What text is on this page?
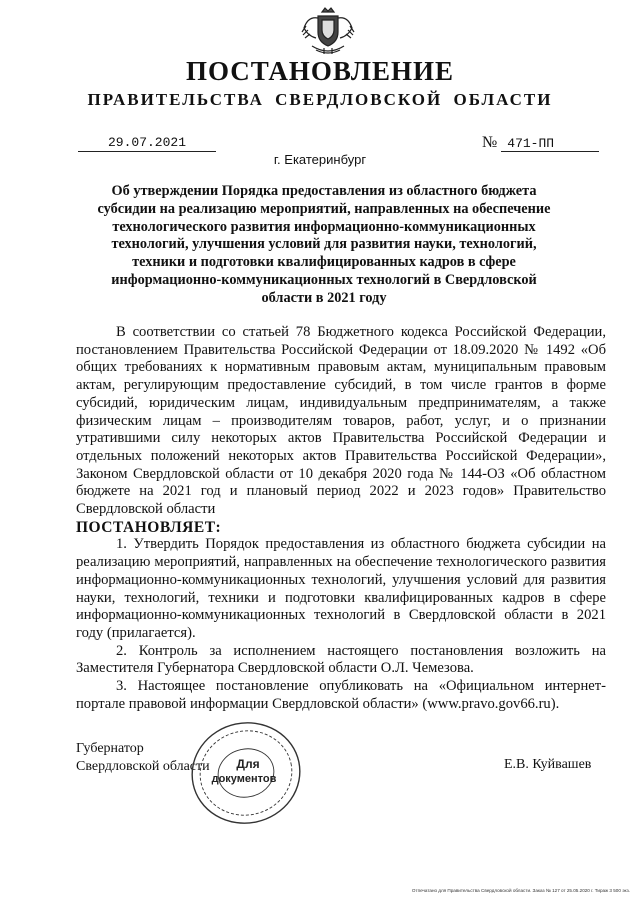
ПОСТАНОВЛЕНИЕ
ПРАВИТЕЛЬСТВА СВЕРДЛОВСКОЙ ОБЛАСТИ
29.07.2021	№ 471-ПП
г. Екатеринбург
Об утверждении Порядка предоставления из областного бюджета субсидии на реализацию мероприятий, направленных на обеспечение технологического развития информационно-коммуникационных технологий, улучшения условий для развития науки, технологий, техники и подготовки квалифицированных кадров в сфере информационно-коммуникационных технологий в Свердловской области в 2021 году

В соответствии со статьей 78 Бюджетного кодекса Российской Федерации, постановлением Правительства Российской Федерации от 18.09.2020 № 1492 «Об общих требованиях к нормативным правовым актам, муниципальным правовым актам, регулирующим предоставление субсидий, в том числе грантов в форме субсидий, юридическим лицам, индивидуальным предпринимателям, а также физическим лицам – производителям товаров, работ, услуг, и о признании утратившими силу некоторых актов Правительства Российской Федерации и отдельных положений некоторых актов Правительства Российской Федерации», Законом Свердловской области от 10 декабря 2020 года № 144-ОЗ «Об областном бюджете на 2021 год и плановый период 2022 и 2023 годов» Правительство Свердловской области

ПОСТАНОВЛЯЕТ:

1. Утвердить Порядок предоставления из областного бюджета субсидии на реализацию мероприятий, направленных на обеспечение технологического развития информационно-коммуникационных технологий, улучшения условий для развития науки, технологий, техники и подготовки квалифицированных кадров в сфере информационно-коммуникационных технологий в Свердловской области в 2021 году (прилагается).

2. Контроль за исполнением настоящего постановления возложить на Заместителя Губернатора Свердловской области О.Л. Чемезова.

3. Настоящее постановление опубликовать на «Официальном интернет-портале правовой информации Свердловской области» (www.pravo.gov66.ru).

Губернатор
Свердловской области Для
документов
Е.В. Куйвашев
Отпечатано для Правительства Свердловской области. Заказ № 127 от 25.05.2020 г. Тираж 3 500 экз.
